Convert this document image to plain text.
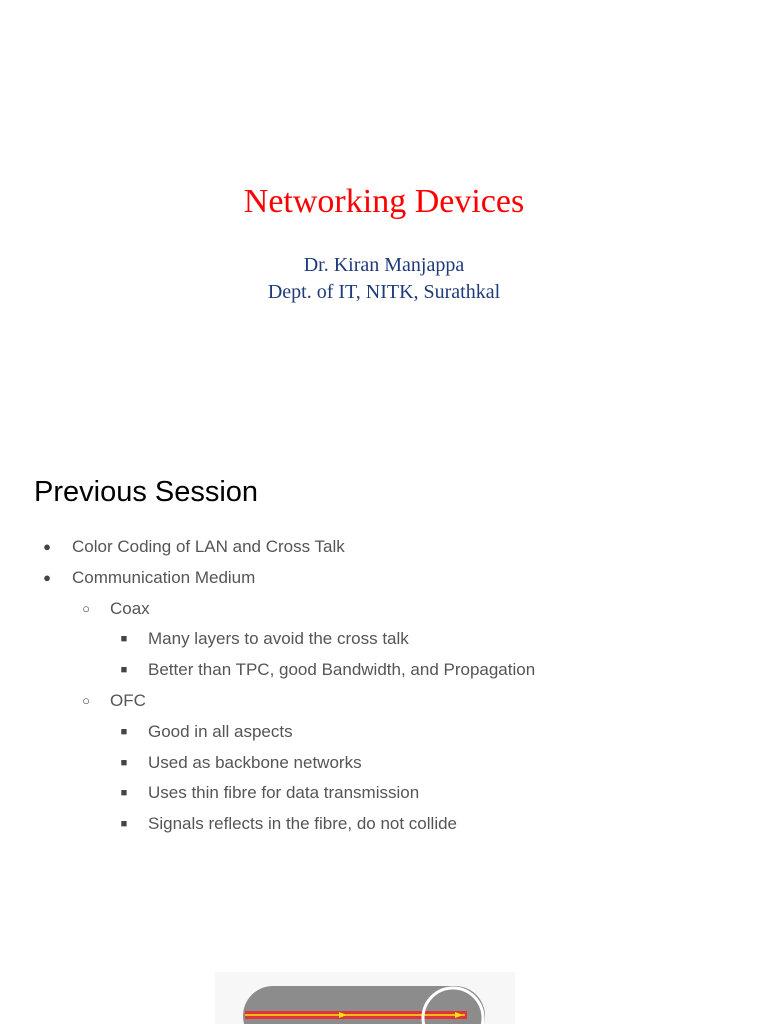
Networking Devices
Dr. Kiran Manjappa
Dept. of IT, NITK, Surathkal
Previous Session
● Color Coding of LAN and Cross Talk
● Communication Medium
○ Coax
■ Many layers to avoid the cross talk
■ Better than TPC, good Bandwidth, and Propagation
○ OFC
■ Good in all aspects
■ Used as backbone networks
■ Uses thin fibre for data transmission
■ Signals reflects in the fibre, do not collide
